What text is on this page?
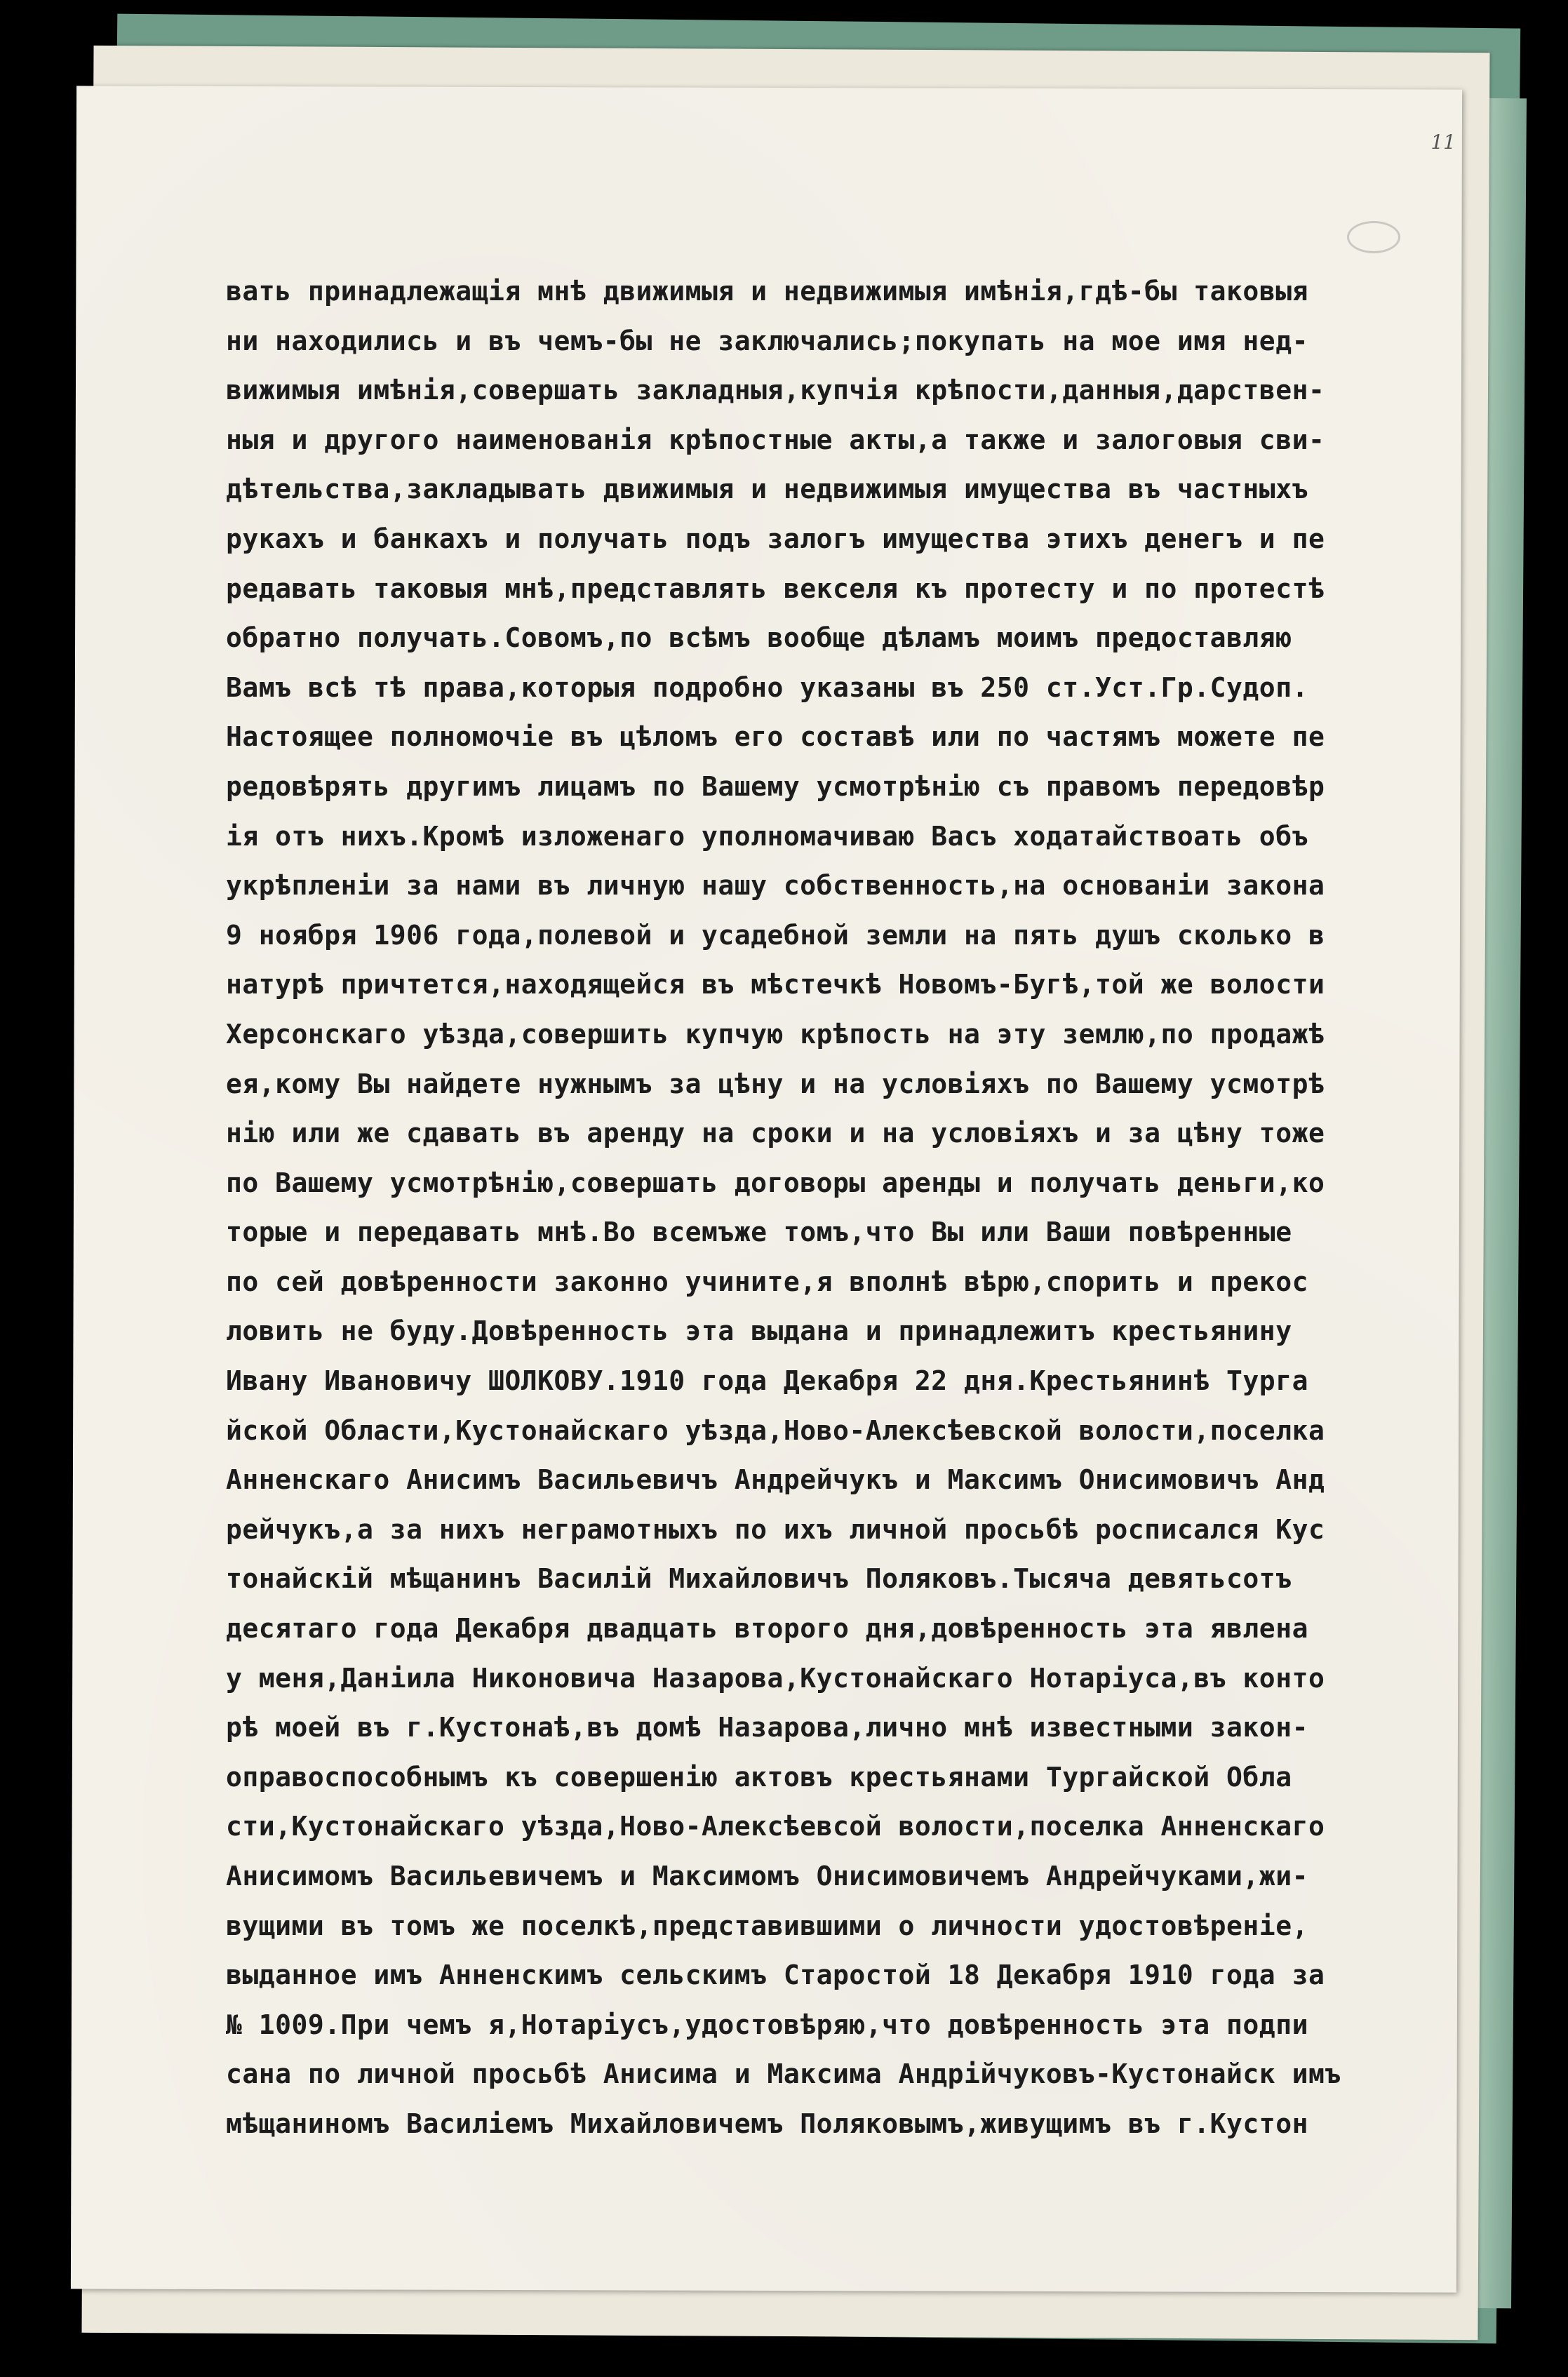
11
вать принадлежащія мнѣ движимыя и недвижимыя имѣнія,гдѣ-бы таковыя
ни находились и въ чемъ-бы не заключались;покупать на мое имя нед-
вижимыя имѣнія,совершать закладныя,купчія крѣпости,данныя,дарствен-
ныя и другого наименованія крѣпостные акты,а также и залоговыя сви-
дѣтельства,закладывать движимыя и недвижимыя имущества въ частныхъ
рукахъ и банкахъ и получать подъ залогъ имущества этихъ денегъ и пе
редавать таковыя мнѣ,представлять векселя къ протесту и по протестѣ
обратно получать.Совомъ,по всѣмъ вообще дѣламъ моимъ предоставляю
Вамъ всѣ тѣ права,которыя подробно указаны въ 250 ст.Уст.Гр.Судоп.
Настоящее полномочіе въ цѣломъ его составѣ или по частямъ можете пе
редовѣрять другимъ лицамъ по Вашему усмотрѣнію съ правомъ передовѣр
ія отъ нихъ.Кромѣ изложенаго уполномачиваю Васъ ходатайствоать объ
укрѣпленіи за нами въ личную нашу собственность,на основаніи закона
9 ноября 1906 года,полевой и усадебной земли на пять душъ сколько в
натурѣ причтется,находящейся въ мѣстечкѣ Новомъ-Бугѣ,той же волости
Херсонскаго уѣзда,совершить купчую крѣпость на эту землю,по продажѣ
ея,кому Вы найдете нужнымъ за цѣну и на условіяхъ по Вашему усмотрѣ
нію или же сдавать въ аренду на сроки и на условіяхъ и за цѣну тоже
по Вашему усмотрѣнію,совершать договоры аренды и получать деньги,ко
торые и передавать мнѣ.Во всемъже томъ,что Вы или Ваши повѣренные
по сей довѣренности законно учините,я вполнѣ вѣрю,спорить и прекос
ловить не буду.Довѣренность эта выдана и принадлежитъ крестьянину
Ивану Ивановичу ШОЛКОВУ.1910 года Декабря 22 дня.Крестьянинѣ Турга
йской Области,Кустонайскаго уѣзда,Ново-Алексѣевской волости,поселка
Анненскаго Анисимъ Васильевичъ Андрейчукъ и Максимъ Онисимовичъ Анд
рейчукъ,а за нихъ неграмотныхъ по ихъ личной просьбѣ росписался Кус
тонайскій мѣщанинъ Василій Михайловичъ Поляковъ.Тысяча девятьсотъ
десятаго года Декабря двадцать второго дня,довѣренность эта явлена
у меня,Даніила Никоновича Назарова,Кустонайскаго Нотаріуса,въ конто
рѣ моей въ г.Кустонаѣ,въ домѣ Назарова,лично мнѣ известными закон-
оправоспособнымъ къ совершенію актовъ крестьянами Тургайской Обла
сти,Кустонайскаго уѣзда,Ново-Алексѣевсой волости,поселка Анненскаго
Анисимомъ Васильевичемъ и Максимомъ Онисимовичемъ Андрейчуками,жи-
вущими въ томъ же поселкѣ,представившими о личности удостовѣреніе,
выданное имъ Анненскимъ сельскимъ Старостой 18 Декабря 1910 года за
№ 1009.При чемъ я,Нотаріусъ,удостовѣряю,что довѣренность эта подпи
сана по личной просьбѣ Анисима и Максима Андрійчуковъ-Кустонайск имъ
мѣщаниномъ Василіемъ Михайловичемъ Поляковымъ,живущимъ въ г.Кустон
